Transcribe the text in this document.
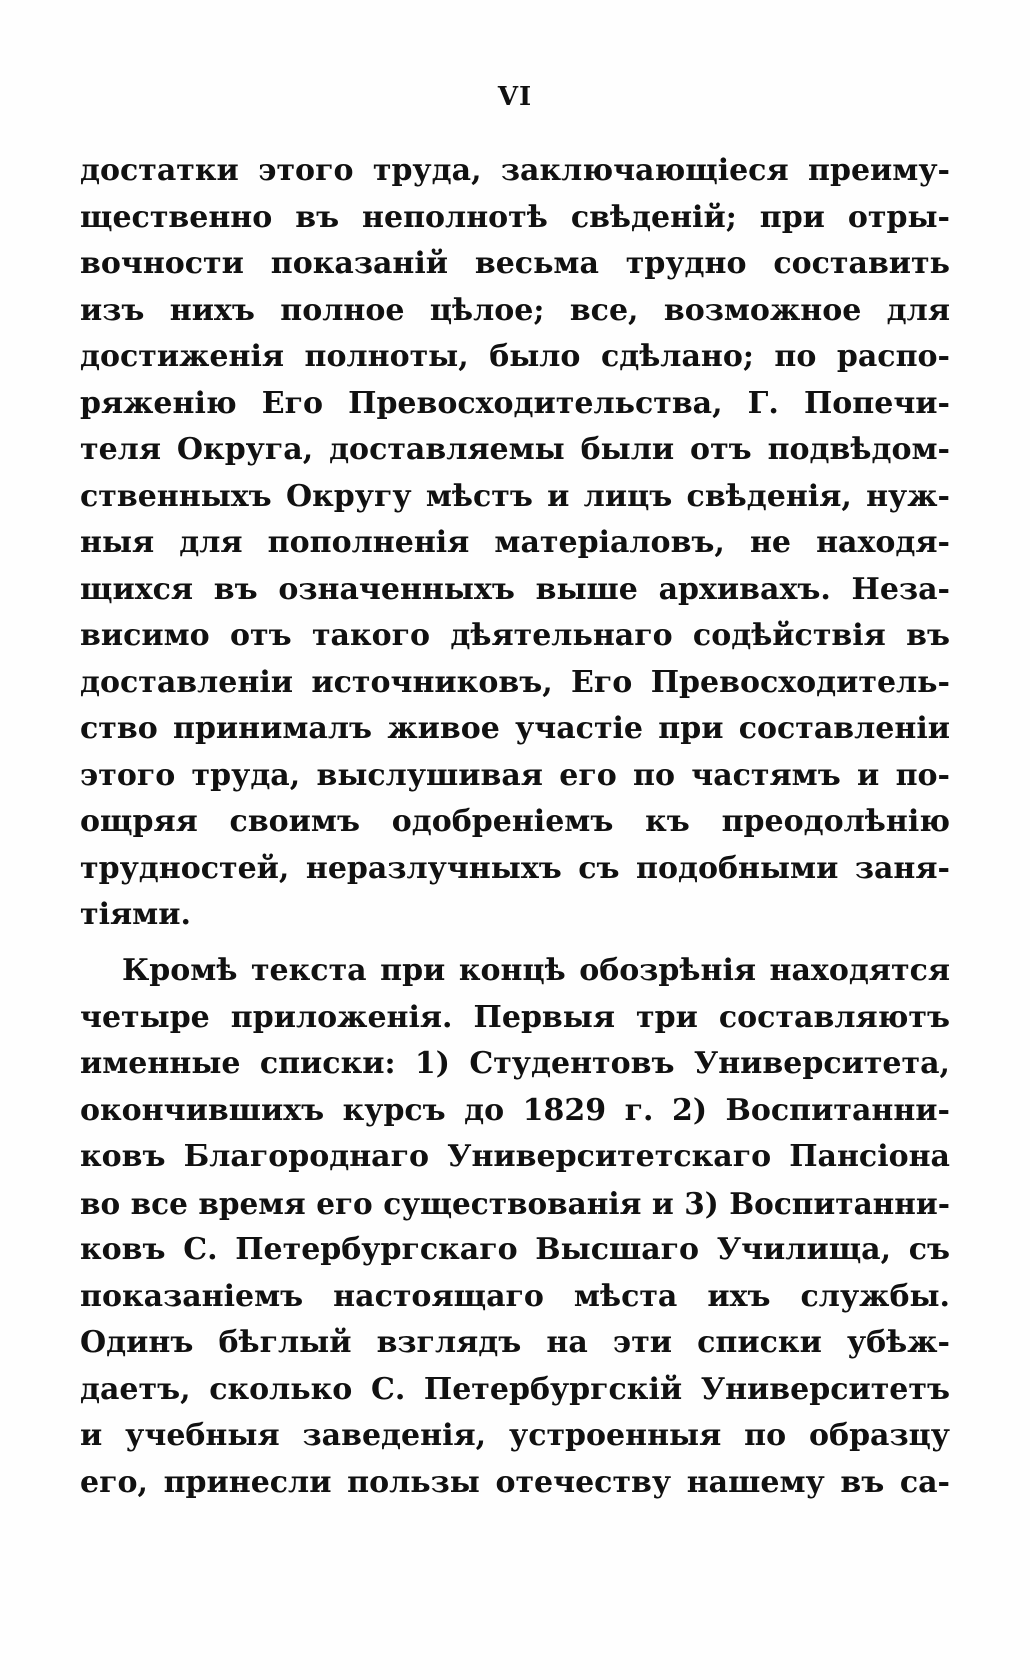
VI
достатки этого труда, заключающіеся преиму-
щественно въ неполнотѣ свѣденій; при отры-
вочности показаній весьма трудно составить
изъ нихъ полное цѣлое; все, возможное для
достиженія полноты, было сдѣлано; по распо-
ряженію Его Превосходительства, Г. Попечи-
теля Округа, доставляемы были отъ подвѣдом-
ственныхъ Округу мѣстъ и лицъ свѣденія, нуж-
ныя для пополненія матеріаловъ, не находя-
щихся въ означенныхъ выше архивахъ. Неза-
висимо отъ такого дѣятельнаго содѣйствія въ
доставленіи источниковъ, Его Превосходитель-
ство принималъ живое участіе при составленіи
этого труда, выслушивая его по частямъ и по-
ощряя своимъ одобреніемъ къ преодолѣнію
трудностей, неразлучныхъ съ подобными заня-
тіями.
Кромѣ текста при концѣ обозрѣнія находятся
четыре приложенія. Первыя три составляютъ
именные списки: 1) Студентовъ Университета,
окончившихъ курсъ до 1829 г. 2) Воспитанни-
ковъ Благороднаго Университетскаго Пансіона
во все время его существованія и 3) Воспитанни-
ковъ С. Петербургскаго Высшаго Училища, съ
показаніемъ настоящаго мѣста ихъ службы.
Одинъ бѣглый взглядъ на эти списки убѣж-
даетъ, сколько С. Петербургскій Университетъ
и учебныя заведенія, устроенныя по образцу
его, принесли пользы отечеству нашему въ са-
